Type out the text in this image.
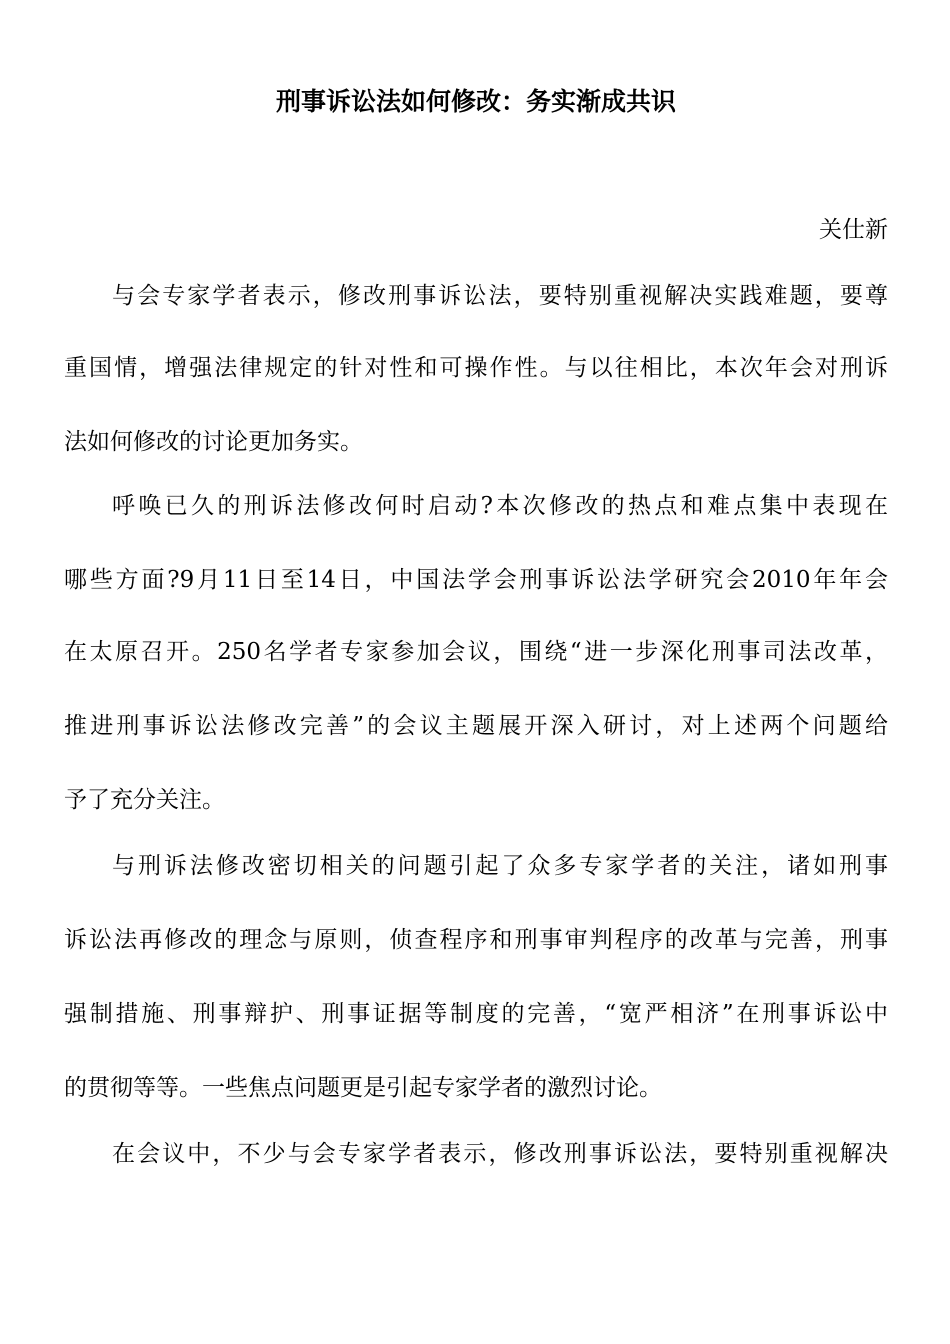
刑事诉讼法如何修改：务实渐成共识
关仕新
与会专家学者表示，修改刑事诉讼法，要特别重视解决实践难题，要尊
重国情，增强法律规定的针对性和可操作性。与以往相比，本次年会对刑诉
法如何修改的讨论更加务实。
呼唤已久的刑诉法修改何时启动?本次修改的热点和难点集中表现在
哪些方面?9月11日至14日，中国法学会刑事诉讼法学研究会2010年年会
在太原召开。250名学者专家参加会议，围绕“进一步深化刑事司法改革，
推进刑事诉讼法修改完善”的会议主题展开深入研讨，对上述两个问题给
予了充分关注。
与刑诉法修改密切相关的问题引起了众多专家学者的关注，诸如刑事
诉讼法再修改的理念与原则，侦查程序和刑事审判程序的改革与完善，刑事
强制措施、刑事辩护、刑事证据等制度的完善，“宽严相济”在刑事诉讼中
的贯彻等等。一些焦点问题更是引起专家学者的激烈讨论。
在会议中，不少与会专家学者表示，修改刑事诉讼法，要特别重视解决
